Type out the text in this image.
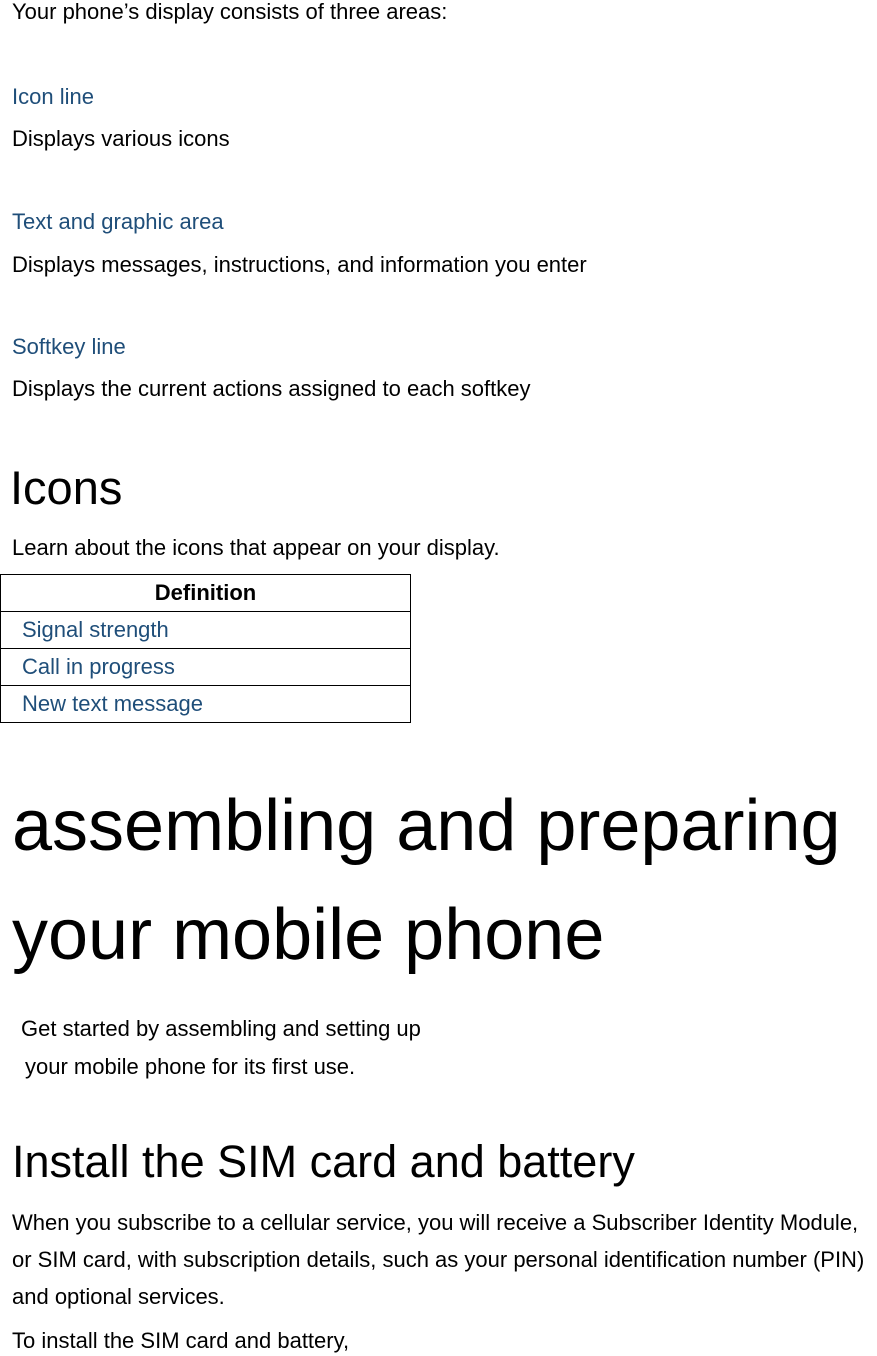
Your phone’s display consists of three areas:
Icon line
Displays various icons
Text and graphic area
Displays messages, instructions, and information you enter
Softkey line
Displays the current actions assigned to each softkey
Icons
Learn about the icons that appear on your display.
Definition
Signal strength
Call in progress
New text message
assembling and preparing
your mobile phone
Get started by assembling and setting up
your mobile phone for its first use.
Install the SIM card and battery
When you subscribe to a cellular service, you will receive a Subscriber Identity Module, or SIM card, with subscription details, such as your personal identification number (PIN) and optional services.
To install the SIM card and battery,
